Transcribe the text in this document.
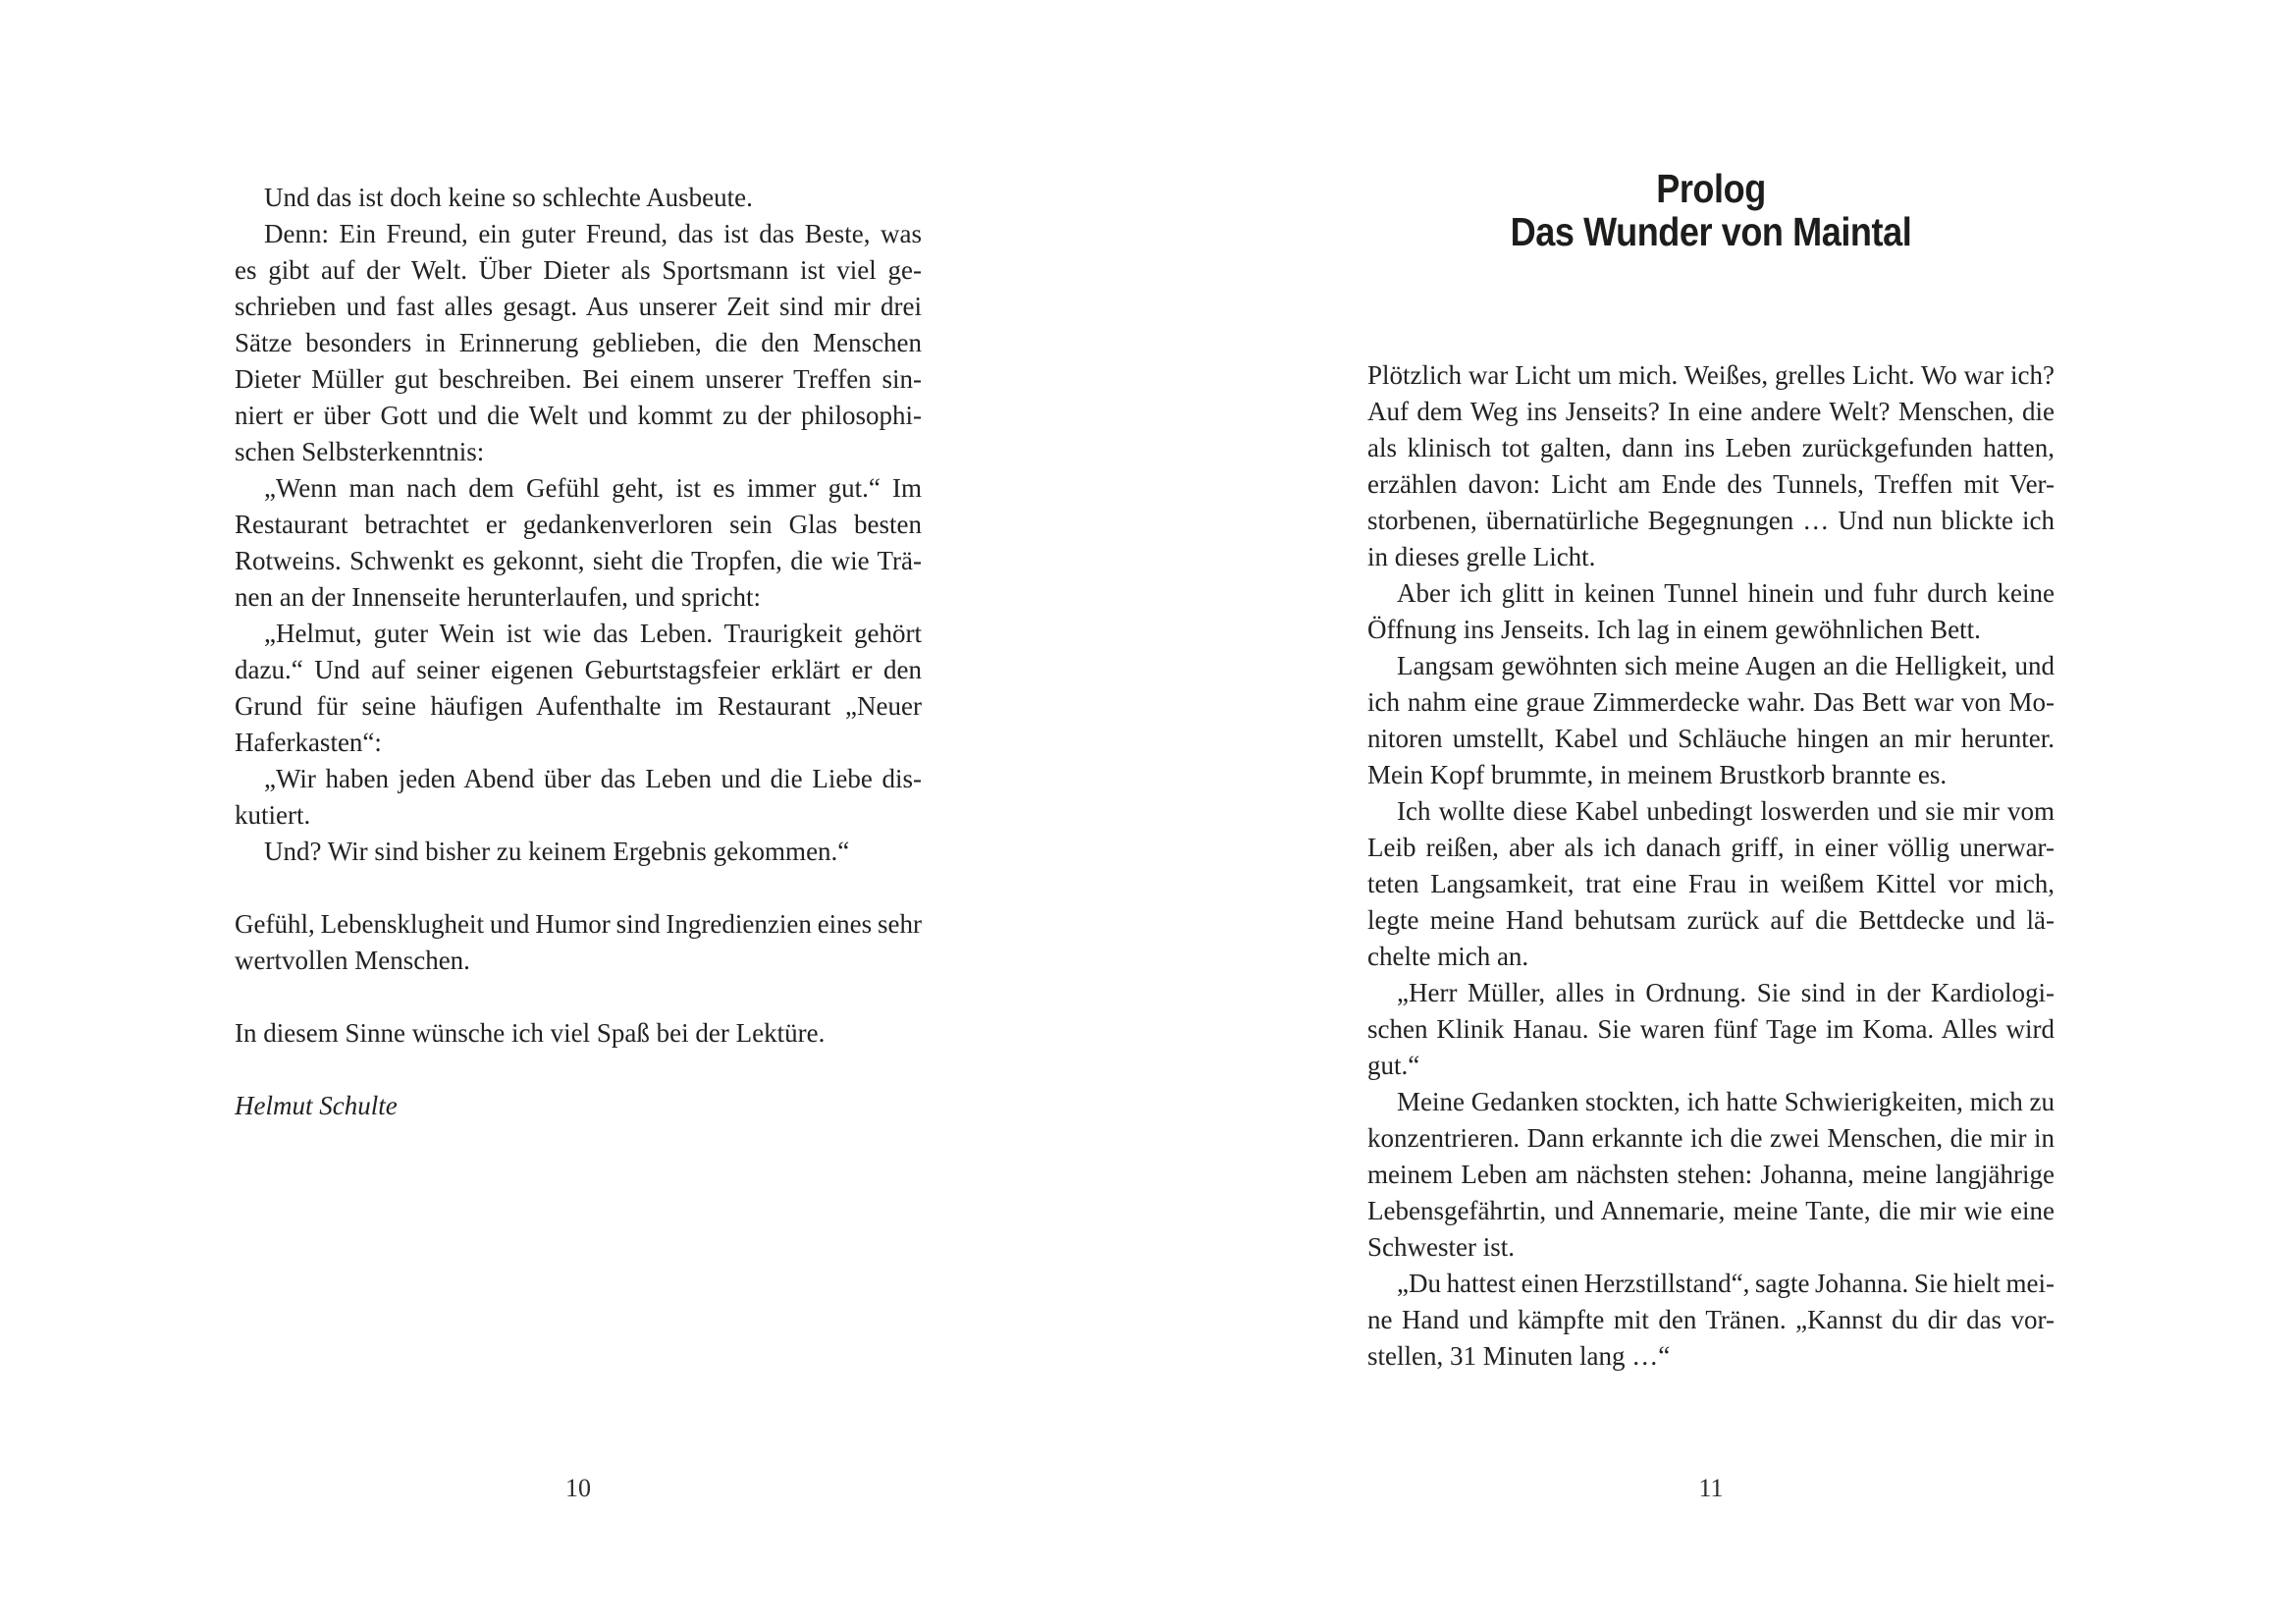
Und das ist doch keine so schlechte Ausbeute.
Denn: Ein Freund, ein guter Freund, das ist das Beste, was
es gibt auf der Welt. Über Dieter als Sportsmann ist viel ge-
schrieben und fast alles gesagt. Aus unserer Zeit sind mir drei
Sätze besonders in Erinnerung geblieben, die den Menschen
Dieter Müller gut beschreiben. Bei einem unserer Treffen sin-
niert er über Gott und die Welt und kommt zu der philosophi-
schen Selbsterkenntnis:
„Wenn man nach dem Gefühl geht, ist es immer gut.“ Im
Restaurant betrachtet er gedankenverloren sein Glas besten
Rotweins. Schwenkt es gekonnt, sieht die Tropfen, die wie Trä-
nen an der Innenseite herunterlaufen, und spricht:
„Helmut, guter Wein ist wie das Leben. Traurigkeit gehört
dazu.“ Und auf seiner eigenen Geburtstagsfeier erklärt er den
Grund für seine häufigen Aufenthalte im Restaurant „Neuer
Haferkasten“:
„Wir haben jeden Abend über das Leben und die Liebe dis-
kutiert.
Und? Wir sind bisher zu keinem Ergebnis gekommen.“
Gefühl, Lebensklugheit und Humor sind Ingredienzien eines sehr
wertvollen Menschen.
In diesem Sinne wünsche ich viel Spaß bei der Lektüre.
Helmut Schulte
10
Prolog
Das Wunder von Maintal
Plötzlich war Licht um mich. Weißes, grelles Licht. Wo war ich?
Auf dem Weg ins Jenseits? In eine andere Welt? Menschen, die
als klinisch tot galten, dann ins Leben zurückgefunden hatten,
erzählen davon: Licht am Ende des Tunnels, Treffen mit Ver-
storbenen, übernatürliche Begegnungen … Und nun blickte ich
in dieses grelle Licht.
Aber ich glitt in keinen Tunnel hinein und fuhr durch keine
Öffnung ins Jenseits. Ich lag in einem gewöhnlichen Bett.
Langsam gewöhnten sich meine Augen an die Helligkeit, und
ich nahm eine graue Zimmerdecke wahr. Das Bett war von Mo-
nitoren umstellt, Kabel und Schläuche hingen an mir herunter.
Mein Kopf brummte, in meinem Brustkorb brannte es.
Ich wollte diese Kabel unbedingt loswerden und sie mir vom
Leib reißen, aber als ich danach griff, in einer völlig unerwar-
teten Langsamkeit, trat eine Frau in weißem Kittel vor mich,
legte meine Hand behutsam zurück auf die Bettdecke und lä-
chelte mich an.
„Herr Müller, alles in Ordnung. Sie sind in der Kardiologi-
schen Klinik Hanau. Sie waren fünf Tage im Koma. Alles wird
gut.“
Meine Gedanken stockten, ich hatte Schwierigkeiten, mich zu
konzentrieren. Dann erkannte ich die zwei Menschen, die mir in
meinem Leben am nächsten stehen: Johanna, meine langjährige
Lebensgefährtin, und Annemarie, meine Tante, die mir wie eine
Schwester ist.
„Du hattest einen Herzstillstand“, sagte Johanna. Sie hielt mei-
ne Hand und kämpfte mit den Tränen. „Kannst du dir das vor-
stellen, 31 Minuten lang …“
11
